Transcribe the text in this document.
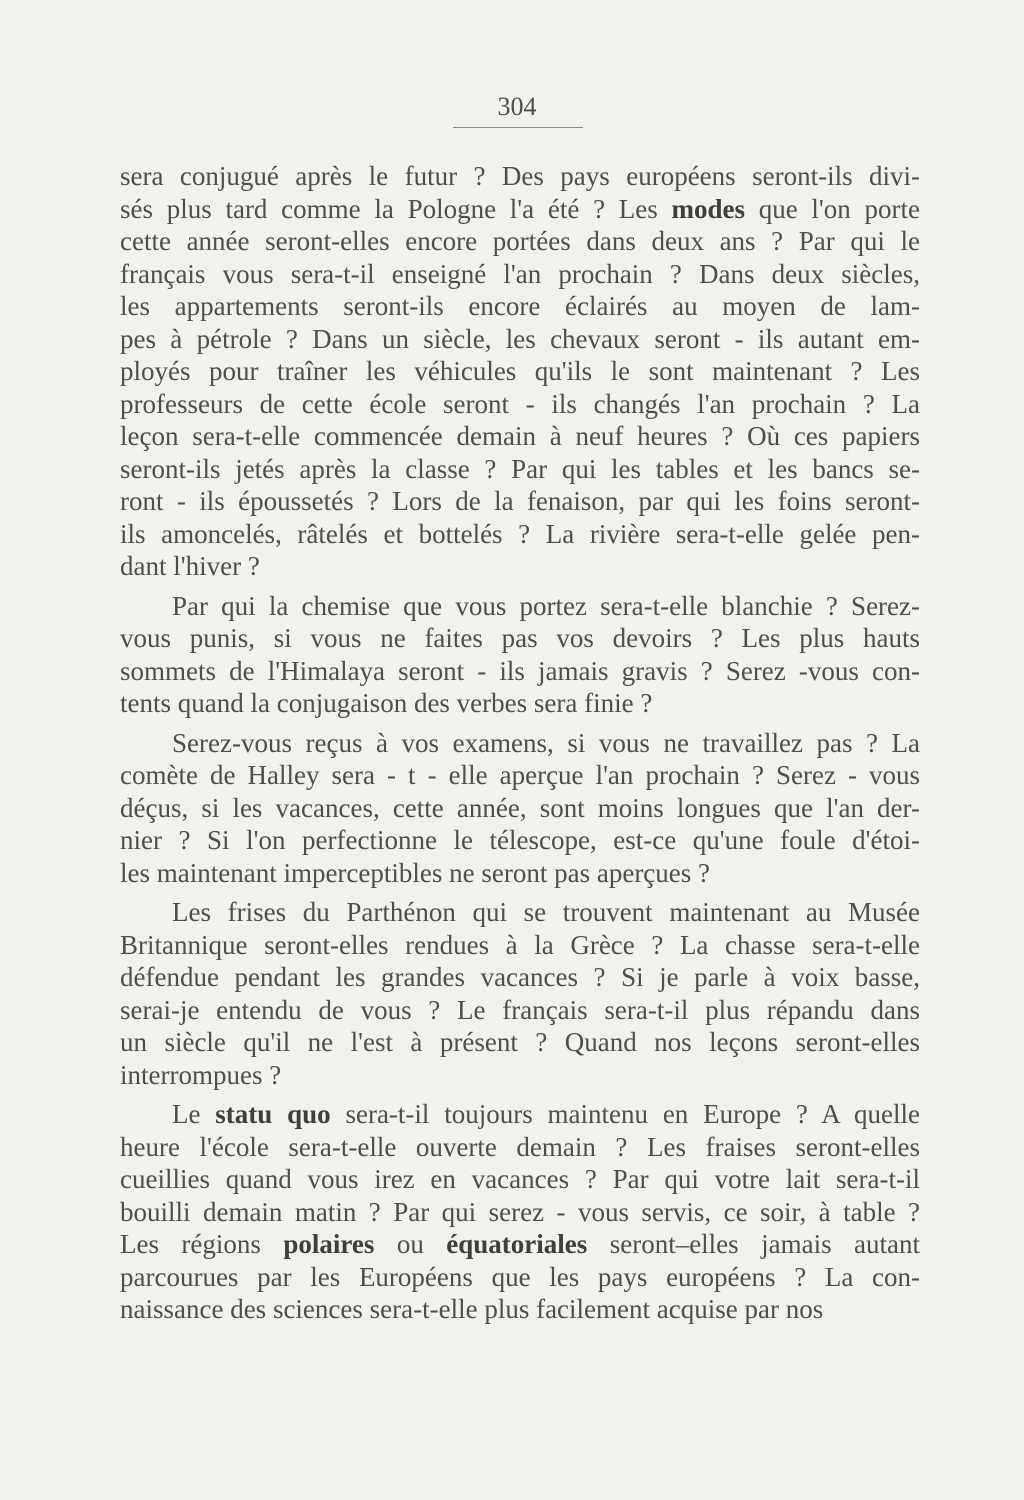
304
sera conjugué après le futur ? Des pays européens seront-ils divi-
sés plus tard comme la Pologne l'a été ? Les modes que l'on porte
cette année seront-elles encore portées dans deux ans ? Par qui le
français vous sera-t-il enseigné l'an prochain ? Dans deux siècles,
les appartements seront-ils encore éclairés au moyen de lam-
pes à pétrole ? Dans un siècle, les chevaux seront - ils autant em-
ployés pour traîner les véhicules qu'ils le sont maintenant ? Les
professeurs de cette école seront - ils changés l'an prochain ? La
leçon sera-t-elle commencée demain à neuf heures ? Où ces papiers
seront-ils jetés après la classe ? Par qui les tables et les bancs se-
ront - ils époussetés ? Lors de la fenaison, par qui les foins seront-
ils amoncelés, râtelés et bottelés ? La rivière sera-t-elle gelée pen-
dant l'hiver ?
Par qui la chemise que vous portez sera-t-elle blanchie ? Serez-
vous punis, si vous ne faites pas vos devoirs ? Les plus hauts
sommets de l'Himalaya seront - ils jamais gravis ? Serez -vous con-
tents quand la conjugaison des verbes sera finie ?
Serez-vous reçus à vos examens, si vous ne travaillez pas ? La
comète de Halley sera - t - elle aperçue l'an prochain ? Serez - vous
déçus, si les vacances, cette année, sont moins longues que l'an der-
nier ? Si l'on perfectionne le télescope, est-ce qu'une foule d'étoi-
les maintenant imperceptibles ne seront pas aperçues ?
Les frises du Parthénon qui se trouvent maintenant au Musée
Britannique seront-elles rendues à la Grèce ? La chasse sera-t-elle
défendue pendant les grandes vacances ? Si je parle à voix basse,
serai-je entendu de vous ? Le français sera-t-il plus répandu dans
un siècle qu'il ne l'est à présent ? Quand nos leçons seront-elles
interrompues ?
Le statu quo sera-t-il toujours maintenu en Europe ? A quelle
heure l'école sera-t-elle ouverte demain ? Les fraises seront-elles
cueillies quand vous irez en vacances ? Par qui votre lait sera-t-il
bouilli demain matin ? Par qui serez - vous servis, ce soir, à table ?
Les régions polaires ou équatoriales seront–elles jamais autant
parcourues par les Européens que les pays européens ? La con-
naissance des sciences sera-t-elle plus facilement acquise par nos
